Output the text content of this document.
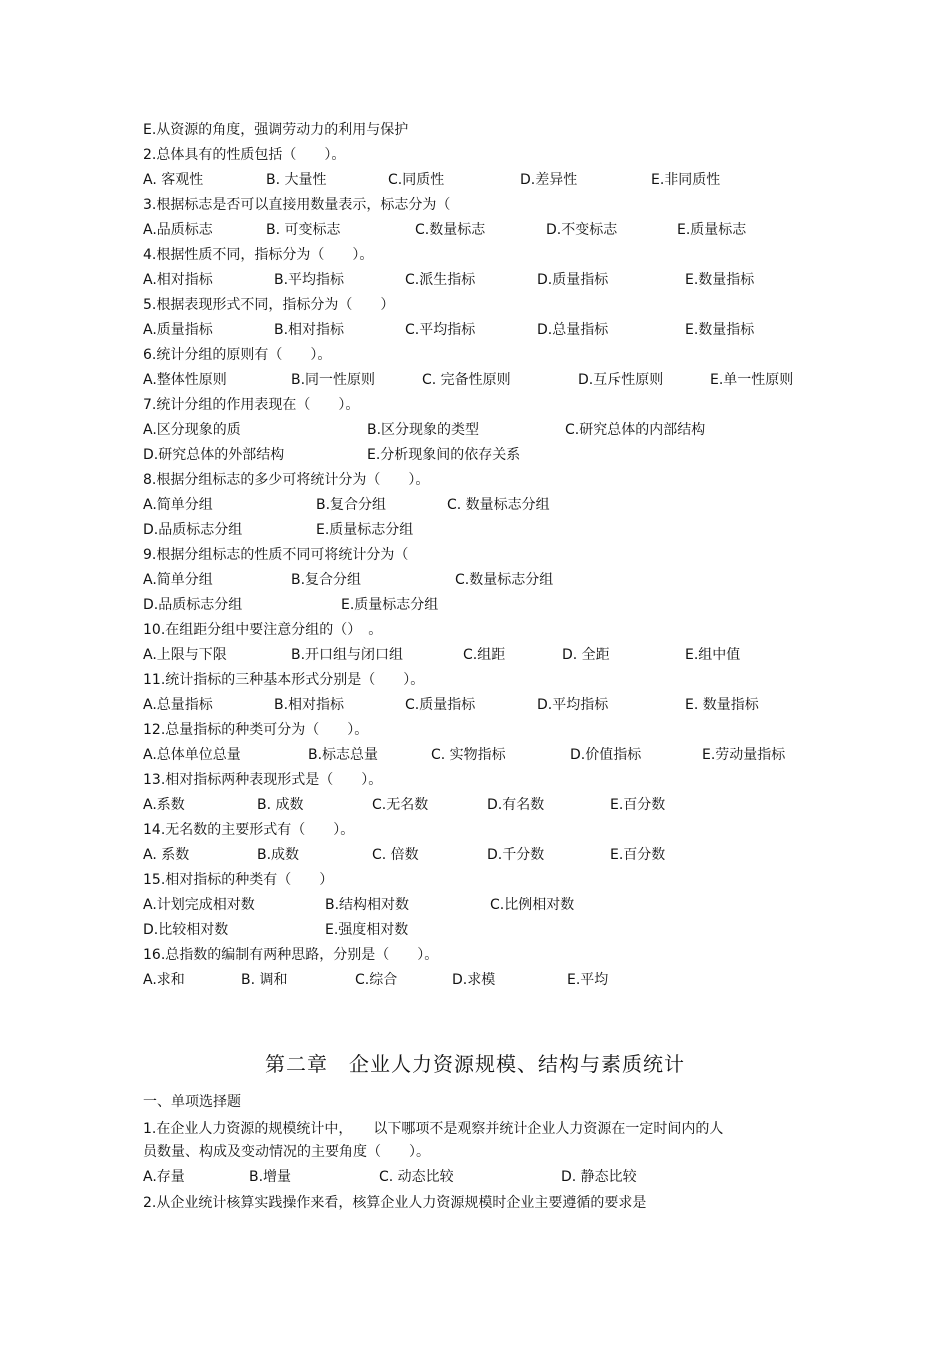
E.从资源的角度，强调劳动力的利用与保护
2.总体具有的性质包括（　　）。
A. 客观性	B. 大量性	C.同质性	D.差异性	E.非同质性
3.根据标志是否可以直接用数量表示，标志分为（
A.品质标志	B. 可变标志	C.数量标志	D.不变标志	E.质量标志
4.根据性质不同，指标分为（　　）。
A.相对指标	B.平均指标	C.派生指标	D.质量指标	E.数量指标
5.根据表现形式不同，指标分为（　　）
A.质量指标	B.相对指标	C.平均指标	D.总量指标	E.数量指标
6.统计分组的原则有（　　）。
A.整体性原则	B.同一性原则	C. 完备性原则	D.互斥性原则	E.单一性原则
7.统计分组的作用表现在（　　）。
A.区分现象的质	B.区分现象的类型	C.研究总体的内部结构
D.研究总体的外部结构	E.分析现象间的依存关系
8.根据分组标志的多少可将统计分为（　　）。
A.简单分组	B.复合分组	C. 数量标志分组
D.品质标志分组	E.质量标志分组
9.根据分组标志的性质不同可将统计分为（
A.简单分组	B.复合分组	C.数量标志分组
D.品质标志分组	E.质量标志分组
10.在组距分组中要注意分组的（）　。
A.上限与下限	B.开口组与闭口组	C.组距	D. 全距	E.组中值
11.统计指标的三种基本形式分别是（　　）。
A.总量指标	B.相对指标	C.质量指标	D.平均指标	E. 数量指标
12.总量指标的种类可分为（　　）。
A.总体单位总量	B.标志总量	C. 实物指标	D.价值指标	E.劳动量指标
13.相对指标两种表现形式是（　　）。
A.系数	B. 成数	C.无名数	D.有名数	E.百分数
14.无名数的主要形式有（　　）。
A. 系数	B.成数	C. 倍数	D.千分数	E.百分数
15.相对指标的种类有（　　）
A.计划完成相对数	B.结构相对数	C.比例相对数
D.比较相对数	E.强度相对数
16.总指数的编制有两种思路，分别是（　　）。
A.求和	B. 调和	C.综合	D.求模	E.平均
第二章　企业人力资源规模、结构与素质统计
一、单项选择题
1.在企业人力资源的规模统计中，　　以下哪项不是观察并统计企业人力资源在一定时间内的人
员数量、构成及变动情况的主要角度（　　）。
A.存量	B.增量	C. 动态比较	D. 静态比较
2.从企业统计核算实践操作来看，核算企业人力资源规模时企业主要遵循的要求是
